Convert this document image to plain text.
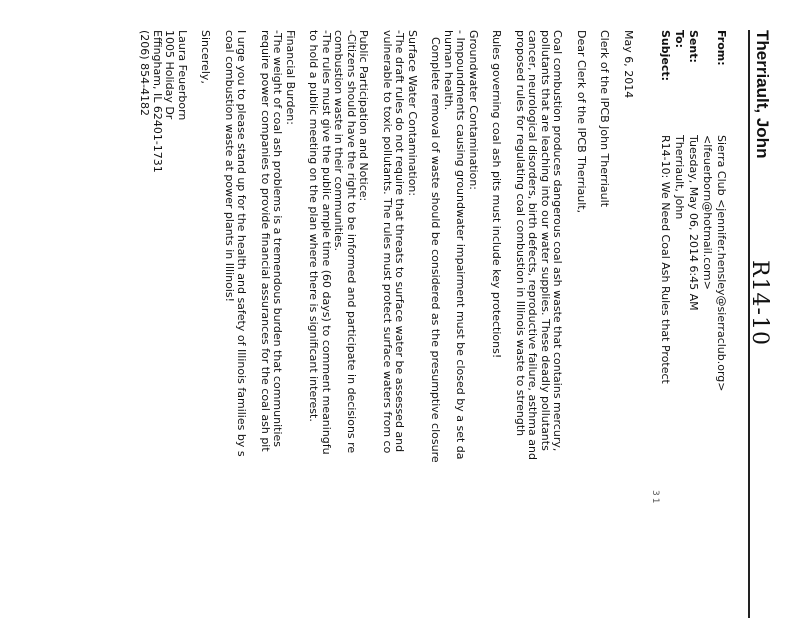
Therriault, John
R14-10
From:
Sierra Club <jennifer.hensley@sierraclub.org>
<lfeuerborn@hotmail.com>
Sent:
Tuesday, May 06, 2014 6:45 AM
To:
Therriault, John
Subject:
R14-10: We Need Coal Ash Rules that Protect

May 6, 2014

Clerk of the IPCB John Therriault

Dear Clerk of the IPCB Therriault,

Coal combustion produces dangerous coal ash waste that contains mercury,
pollutants that are leaching into our water supplies. These deadly pollutants
cancer, neurological disorders, birth defects, reproductive failure, asthma and
proposed rules for regulating coal combustion in Illinois waste to strength

Rules governing coal ash pits must include key protections!

Groundwater Contamination:
- Impoundments causing groundwater impairment must be closed by a set da
human health.
Complete removal of waste should be considered as the presumptive closure

Surface Water Contamination:
-The draft rules do not require that threats to surface water be assessed and
vulnerable to toxic pollutants. The rules must protect surface waters from co

Public Participation and Notice:
-Citizens should have the right to be informed and participate in decisions re
combustion waste in their communities.
-The rules must give the public ample time (60 days) to comment meaningfu
to hold a public meeting on the plan where there is significant interest.

Financial Burden:
-The weight of coal ash problems is a tremendous burden that communities
require power companies to provide financial assurances for the coal ash pit

I urge you to please stand up for the health and safety of Illinois families by s
coal combustion waste at power plants in Illinois!

Sincerely,

Laura Feuerborn
1005 Holiday Dr
Effingham, IL 62401-1731
(206) 854-4182

31
